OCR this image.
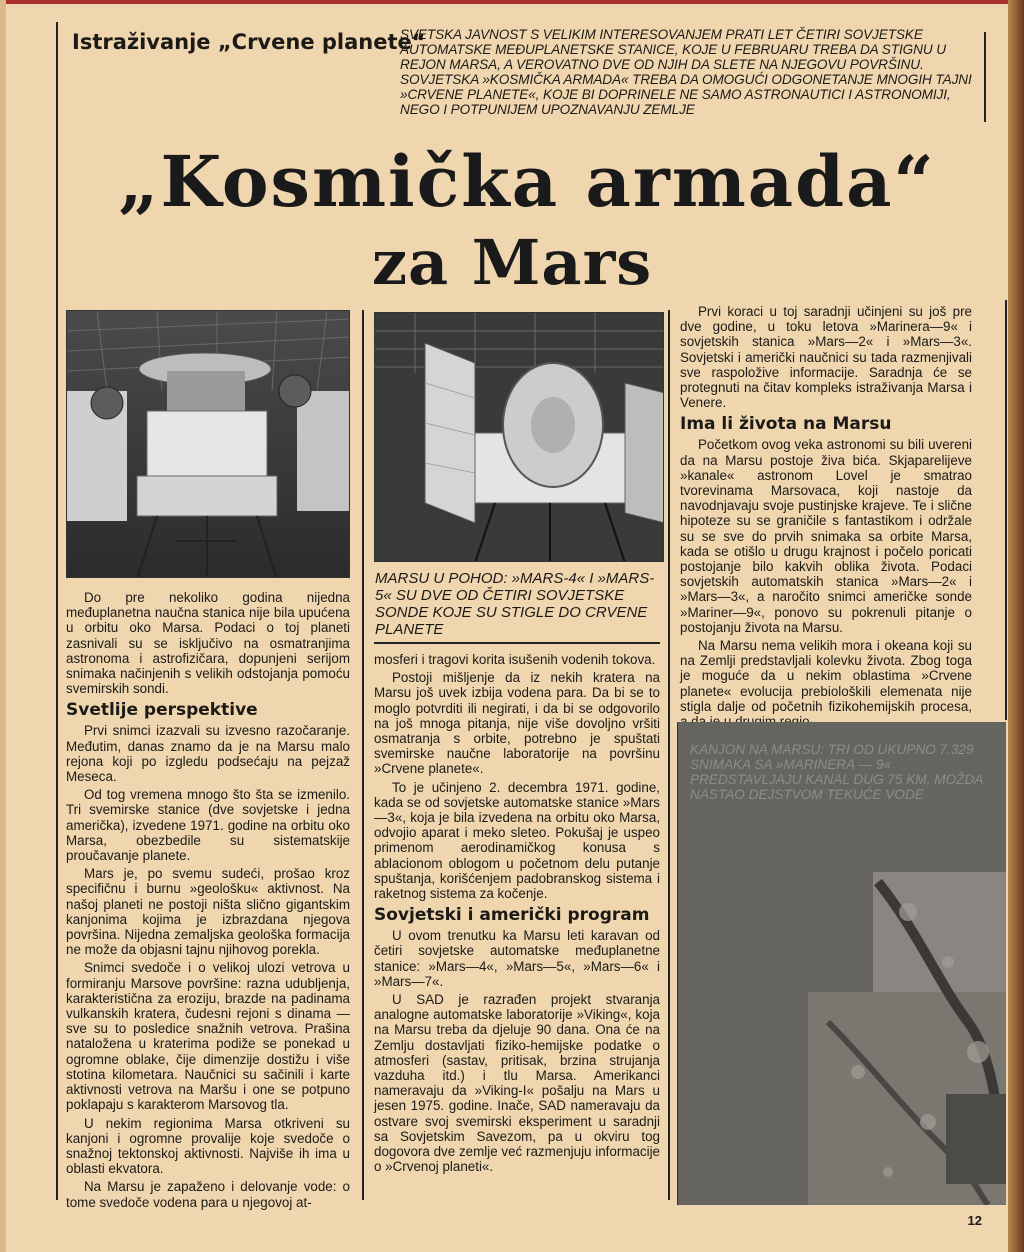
Istraživanje „Crvene planete“
SVETSKA JAVNOST S VELIKIM INTERESOVANJEM PRATI LET ČETIRI SOVJETSKE AUTOMATSKE MEĐUPLANETSKE STANICE, KOJE U FEBRUARU TREBA DA STIGNU U REJON MARSA, A VEROVATNO DVE OD NJIH DA SLETE NA NJEGOVU POVRŠINU. SOVJETSKA »KOSMIČKA ARMADA« TREBA DA OMOGUĆI ODGONETANJE MNOGIH TAJNI »CRVENE PLANETE«, KOJE BI DOPRINELE NE SAMO ASTRONAUTICI I ASTRONOMIJI, NEGO I POTPUNIJEM UPOZNAVANJU ZEMLJE
„Kosmička armada“
za Mars
MARSU U POHOD: »MARS-4« I »MARS-5« SU DVE OD ČETIRI SOVJETSKE SONDE KOJE SU STIGLE DO CRVENE PLANETE

Do pre nekoliko godina nijedna međuplanetna naučna stanica nije bila upućena u orbitu oko Marsa. Podaci o toj planeti zasnivali su se isključivo na osmatranjima astronoma i astrofizičara, dopunjeni serijom snimaka načinjenih s velikih odstojanja pomoću svemirskih sondi.

Svetlije perspektive

Prvi snimci izazvali su izvesno razočaranje. Međutim, danas znamo da je na Marsu malo rejona koji po izgledu podsećaju na pejzaž Meseca.

Od tog vremena mnogo što šta se izmenilo. Tri svemirske stanice (dve sovjetske i jedna američka), izvedene 1971. godine na orbitu oko Marsa, obezbedile su sistematskije proučavanje planete.

Mars je, po svemu sudeći, prošao kroz specifičnu i burnu »geološku« aktivnost. Na našoj planeti ne postoji ništa slično gigantskim kanjonima kojima je izbrazdana njegova površina. Nijedna zemaljska geološka formacija ne može da objasni tajnu njihovog porekla.

Snimci svedoče i o velikoj ulozi vetrova u formiranju Marsove površine: razna udubljenja, karakteristična za eroziju, brazde na padinama vulkanskih kratera, čudesni rejoni s dinama — sve su to posledice snažnih vetrova. Prašina nataložena u kraterima podiže se ponekad u ogromne oblake, čije dimenzije dostižu i više stotina kilometara. Naučnici su sačinili i karte aktivnosti vetrova na Maršu i one se potpuno poklapaju s karakterom Marsovog tla.

U nekim regionima Marsa otkriveni su kanjoni i ogromne provalije koje svedoče o snažnoj tektonskoj aktivnosti. Najviše ih ima u oblasti ekvatora.

Na Marsu je zapaženo i delovanje vode: o tome svedoče vodena para u njegovoj at-

mosferi i tragovi korita isušenih vodenih tokova.

Postoji mišljenje da iz nekih kratera na Marsu još uvek izbija vodena para. Da bi se to moglo potvrditi ili negirati, i da bi se odgovorilo na još mnoga pitanja, nije više dovoljno vršiti osmatranja s orbite, potrebno je spuštati svemirske naučne laboratorije na površinu »Crvene planete«.

To je učinjeno 2. decembra 1971. godine, kada se od sovjetske automatske stanice »Mars—3«, koja je bila izvedena na orbitu oko Marsa, odvojio aparat i meko sleteo. Pokušaj je uspeo primenom aerodinamičkog konusa s ablacionom oblogom u početnom delu putanje spuštanja, korišćenjem padobranskog sistema i raketnog sistema za kočenje.

Sovjetski i američki program

U ovom trenutku ka Marsu leti karavan od četiri sovjetske automatske međuplanetne stanice: »Mars—4«, »Mars—5«, »Mars—6« i »Mars—7«.

U SAD je razrađen projekt stvaranja analogne automatske laboratorije »Viking«, koja na Marsu treba da djeluje 90 dana. Ona će na Zemlju dostavljati fiziko-hemijske podatke o atmosferi (sastav, pritisak, brzina strujanja vazduha itd.) i tlu Marsa. Amerikanci nameravaju da »Viking-I« pošalju na Mars u jesen 1975. godine. Inače, SAD nameravaju da ostvare svoj svemirski eksperiment u saradnji sa Sovjetskim Savezom, pa u okviru tog dogovora dve zemlje već razmenjuju informacije o »Crvenoj planeti«.

Prvi koraci u toj saradnji učinjeni su još pre dve godine, u toku letova »Marinera—9« i sovjetskih stanica »Mars—2« i »Mars—3«. Sovjetski i američki naučnici su tada razmenjivali sve raspoložive informacije. Saradnja će se protegnuti na čitav kompleks istraživanja Marsa i Venere.

Ima li života na Marsu

Početkom ovog veka astronomi su bili uvereni da na Marsu postoje živa bića. Skjaparelijeve »kanale« astronom Lovel je smatrao tvorevinama Marsovaca, koji nastoje da navodnjavaju svoje pustinjske krajeve. Te i slične hipoteze su se graničile s fantastikom i održale su se sve do prvih snimaka sa orbite Marsa, kada se otišlo u drugu krajnost i počelo poricati postojanje bilo kakvih oblika života. Podaci sovjetskih automatskih stanica »Mars—2« i »Mars—3«, a naročito snimci američke sonde »Mariner—9«, ponovo su pokrenuli pitanje o postojanju života na Marsu.

Na Marsu nema velikih mora i okeana koji su na Zemlji predstavljali kolevku života. Zbog toga je moguće da u nekim oblastima »Crvene planete« evolucija prebiološkili elemenata nije stigla dalje od početnih fizikohemijskih procesa,

KANJON NA MARSU: TRI OD UKUPNO 7.329 SNIMAKA SA »MARINERA — 9« PREDSTAVLJAJU KANAL DUG 75 KM, MOŽDA NASTAO DEJSTVOM TEKUĆE VODE
12
